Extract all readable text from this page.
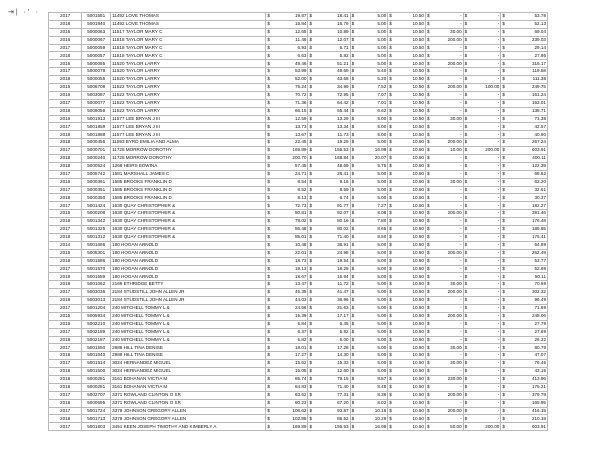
⇥| ·' ·	2017	5001551	11492 LOVE THOMAS	$ 19.87	$ 18.41	$ 5.00	$ 10.50	$ -	$ -	$ 53.78
2018	5001940	11492 LOVE THOMAS	$ 15.84	$ 16.79	$ 5.00	$ 10.50	$ -	$ -	$ 52.13
2016	5000063	11517 TAYLOR MARY C	$ 12.65	$ 10.89	$ 5.00	$ 10.50	$ 30.00	$ -	$ 69.04
2016	5000067	11518 TAYLOR MARY C	$ 11.46	$ 12.07	$ 5.00	$ 10.50	$ 200.00	$ -	$ 239.03
2017	5000059	11518 TAYLOR MARY C	$ 6.93	$ 6.71	$ 5.00	$ 10.50	$ -	$ -	$ 29.14
2018	5000057	11518 TAYLOR MARY C	$ 6.63	$ 5.82	$ 5.00	$ 10.50	$ -	$ -	$ 27.95
2016	5000085	11520 TAYLOR LARRY	$ 49.46	$ 51.21	$ 5.00	$ 10.50	$ 200.00	$ -	$ 316.17
2017	5000078	11520 TAYLOR LARRY	$ 53.99	$ 49.69	$ 5.40	$ 10.50	$ -	$ -	$ 119.58
2018	5000055	11520 TAYLOR LARRY	$ 52.00	$ 43.68	$ 5.20	$ 10.50	$ -	$ -	$ 111.38
2015	5006708	11522 TAYLOR LARRY	$ 75.24	$ 34.99	$ 7.52	$ 10.50	$ 200.00	$ 100.00	$ 249.75
2016	5003087	11522 TAYLOR LARRY	$ 70.72	$ 72.95	$ 7.07	$ 10.50	$ -	$ -	$ 161.24
2017	5000077	11522 TAYLOR LARRY	$ 71.36	$ 64.42	$ 7.01	$ 10.50	$ -	$ -	$ 153.01
2018	5009056	11522 TAYLOR LARRY	$ 66.15	$ 55.44	$ 6.62	$ 10.50	$ -	$ -	$ 138.71
2016	5001913	11577 LEE BRYAN J III	$ 12.59	$ 13.29	$ 5.00	$ 10.50	$ 30.00	$ -	$ 71.38
2017	5001859	11577 LEE BRYAN J III	$ 13.73	$ 13.34	$ 5.00	$ 10.50	$ -	$ -	$ 42.57
2018	5001888	11577 LEE BRYAN J III	$ 13.67	$ 11.73	$ 5.00	$ 10.50	$ -	$ -	$ 40.90
2018	5000455	11593 BYRD EMILIA AND ALMA	$ 22.45	$ 19.29	$ 5.00	$ 10.50	$ 200.00	$ -	$ 257.24
2017	5000701	11725 MORROW DOROTHY	$ 169.89	$ 156.53	$ 16.99	$ 10.50	$ 10.00	$ 200.00	$ 603.91
2018	5000240	11725 MORROW DOROTHY	$ 200.70	$ 168.84	$ 20.07	$ 10.50	$ -	$ -	$ 400.11
2018	5000524	1268 HEIRS EDWINA	$ 57.45	$ 48.69	$ 5.75	$ 10.50	$ -	$ -	$ 122.39
2017	5005742	1581 MARSHALL JAMES C	$ 24.71	$ 28.41	$ 5.00	$ 10.50	$ -	$ -	$ 68.62
2016	5000361	1585 BROOKS FRANKLIN D	$ 8.54	$ 9.16	$ 5.00	$ 10.50	$ 30.00	$ -	$ 63.20
2017	5000351	1585 BROOKS FRANKLIN D	$ 8.52	$ 8.59	$ 5.00	$ 10.50	$ -	$ -	$ 32.61
2018	5000350	1585 BROOKS FRANKLIN D	$ 8.13	$ 6.74	$ 5.00	$ 10.50	$ -	$ -	$ 30.37
2017	5001424	1630 QUAY CHRISTOPHER &	$ 72.73	$ 91.77	$ 7.27	$ 10.50	$ -	$ -	$ 182.27
2015	5000208	1630 QUAY CHRISTOPHER &	$ 80.81	$ 92.07	$ 8.08	$ 10.50	$ 200.00	$ -	$ 391.46
2016	5001342	1630 QUAY CHRISTOPHER &	$ 78.02	$ 80.16	$ 7.80	$ 10.50	$ -	$ -	$ 176.48
2017	5001325	1630 QUAY CHRISTOPHER &	$ 86.48	$ 80.02	$ 8.65	$ 10.50	$ -	$ -	$ 185.65
2018	5001312	1630 QUAY CHRISTOPHER &	$ 85.01	$ 71.40	$ 8.50	$ 10.50	$ -	$ -	$ 175.41
2014	5001666	180 HOGAN ARNOLD	$ 10.48	$ 38.91	$ 5.00	$ 10.50	$ -	$ -	$ 64.89
2015	5005301	180 HOGAN ARNOLD	$ 22.01	$ 24.98	$ 5.00	$ 10.50	$ 200.00	$ -	$ 262.49
2016	5001586	180 HOGAN ARNOLD	$ 18.73	$ 19.54	$ 5.00	$ 10.50	$ -	$ -	$ 53.77
2017	5001570	180 HOGAN ARNOLD	$ 19.13	$ 18.25	$ 5.00	$ 10.50	$ -	$ -	$ 52.88
2018	5001559	180 HOGAN ARNOLD	$ 18.67	$ 15.94	$ 5.00	$ 10.50	$ -	$ -	$ 50.11
2018	5001062	2169 ETHRIDGE BETTY	$ 13.47	$ 11.72	$ 5.00	$ 10.50	$ 30.00	$ -	$ 70.69
2017	5003035	2184 STUDSTILL JOHN ALLEN JR	$ 45.35	$ 41.47	$ 5.00	$ 10.50	$ 200.00	$ -	$ 302.32
2018	5003013	2184 STUDSTILL JOHN ALLEN JR	$ 44.03	$ 36.96	$ 5.00	$ 10.50	$ -	$ -	$ 96.49
2017	5001204	240 MITCHELL TOMMY L &	$ 24.56	$ 31.63	$ 5.00	$ 10.50	$ -	$ -	$ 71.69
2015	5005934	240 MITCHELL TOMMY L &	$ 15.39	$ 17.17	$ 5.00	$ 10.50	$ 200.00	$ -	$ 248.06
2016	5002210	240 MITCHELL TOMMY L &	$ 5.84	$ 6.45	$ 5.00	$ 10.50	$ -	$ -	$ 27.79
2017	5002189	240 MITCHELL TOMMY L &	$ 6.37	$ 5.82	$ 5.00	$ 10.50	$ -	$ -	$ 27.69
2018	5002187	240 MITCHELL TOMMY L &	$ 5.82	$ 5.00	$ 5.00	$ 10.50	$ -	$ -	$ 26.32
2017	5001550	2988 HILL TINA DENISE	$ 18.01	$ 17.28	$ 5.00	$ 10.50	$ 30.00	$ -	$ 80.79
2018	5001640	2988 HILL TINA DENISE	$ 17.27	$ 14.30	$ 5.00	$ 10.50	$ -	$ -	$ 47.07
2017	5001514	3024 HERNANDEZ MIGUEL	$ 15.62	$ 15.33	$ 5.00	$ 10.50	$ 30.00	$ -	$ 76.45
2018	5001500	3024 HERNANDEZ MIGUEL	$ 15.05	$ 12.60	$ 5.00	$ 10.50	$ -	$ -	$ 43.15
2018	5000281	3161 BOHANAN VICTIA M	$ 85.74	$ 79.15	$ 8.57	$ 10.50	$ 230.00	$ -	$ 413.96
2018	5000281	3161 BOHANAN VICTIA M	$ 84.83	$ 71.40	$ 8.48	$ 10.50	$ -	$ -	$ 175.21
2017	5002707	3371 ROWLAND CLINTON O SR	$ 83.62	$ 77.31	$ 8.36	$ 10.50	$ 200.00	$ -	$ 379.79
2018	5000695	3371 ROWLAND CLINTON O SR	$ 80.23	$ 67.20	$ 8.02	$ 10.50	$ -	$ -	$ 165.95
2017	5001724	3378 JOHNSON GREGORY ALLEN	$ 106.62	$ 93.87	$ 10.16	$ 10.50	$ 200.00	$ -	$ 416.15
2018	5001713	3378 JOHNSON GREGORY ALLEN	$ 102.88	$ 86.52	$ 10.29	$ 10.50	$ -	$ -	$ 210.19
2017	5001803	3451 KEEN JOSEPH TIMOTHY AND KIMBERLY A	$ 169.89	$ 156.53	$ 16.99	$ 10.50	$ 50.00	$ 200.00	$ 603.91
